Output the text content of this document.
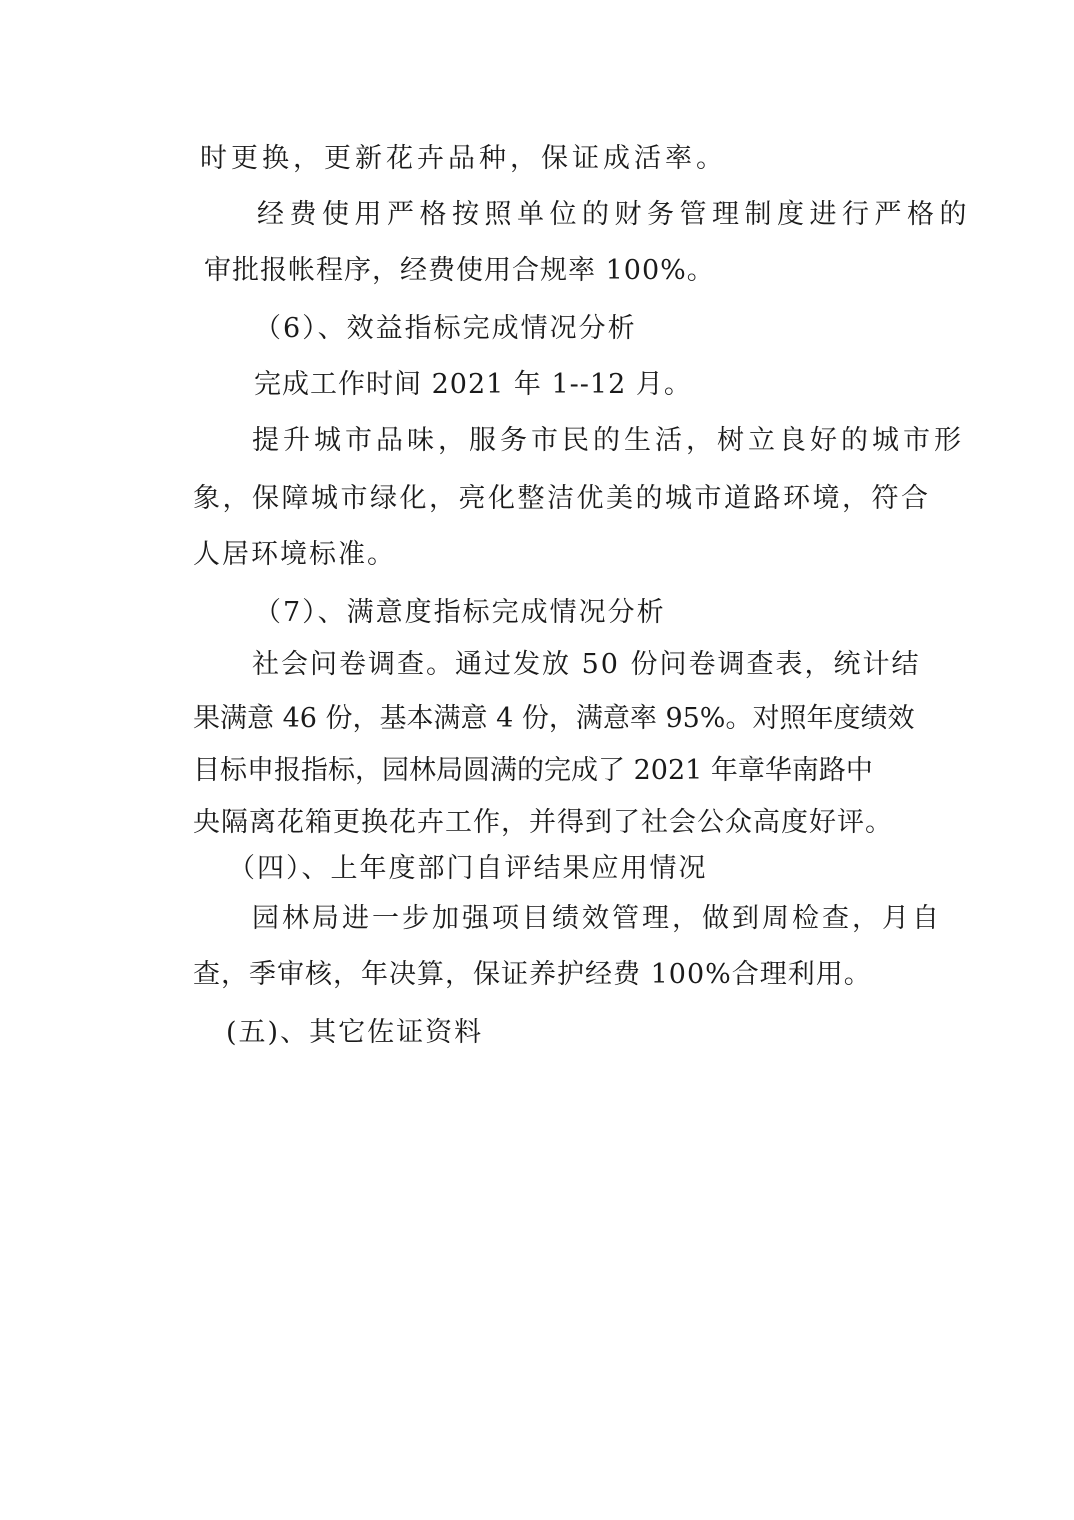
时更换，更新花卉品种，保证成活率。
经费使用严格按照单位的财务管理制度进行严格的
审批报帐程序，经费使用合规率 100%。
（6）、效益指标完成情况分析
完成工作时间 2021 年 1--12 月。
提升城市品味，服务市民的生活，树立良好的城市形
象，保障城市绿化，亮化整洁优美的城市道路环境，符合
人居环境标准。
（7）、满意度指标完成情况分析
社会问卷调查。通过发放 50 份问卷调查表，统计结
果满意 46 份，基本满意 4 份，满意率 95%。对照年度绩效
目标申报指标，园林局圆满的完成了 2021 年章华南路中
央隔离花箱更换花卉工作，并得到了社会公众高度好评。
（四）、上年度部门自评结果应用情况
园林局进一步加强项目绩效管理，做到周检查，月自
查，季审核，年决算，保证养护经费 100%合理利用。
(五)、其它佐证资料
